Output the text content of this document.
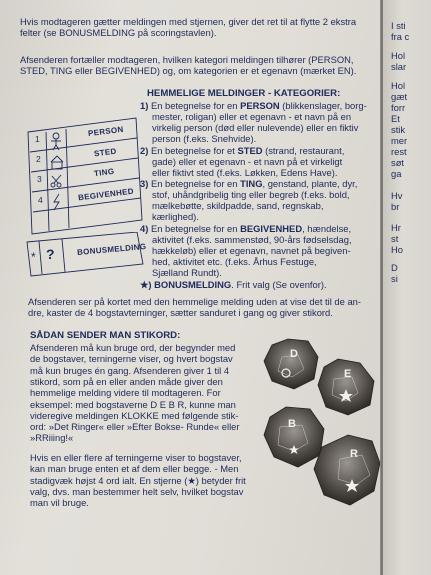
Hvis modtageren gætter meldingen med stjernen, giver det ret til at flytte 2 ekstra
felter (se BONUSMELDING på scoringstavlen).
Afsenderen fortæller modtageren, hvilken kategori meldingen tilhører (PERSON,
STED, TING eller BEGIVENHED) og, om kategorien er et egenavn (mærket EN).
HEMMELIGE MELDINGER - KATEGORIER:
1
2
3
4
PERSON
STED
TING
BEGIVENHED
* ?	BONUSMELDING
1) En betegnelse for en PERSON (blikkenslager, borg-
mester, roligan) eller et egenavn - et navn på en
virkelig person (død eller nulevende) eller en fiktiv
person (f.eks. Snehvide).
2) En betegnelse for et STED (strand, restaurant,
gade) eller et egenavn - et navn på et virkeligt
eller fiktivt sted (f.eks. Løkken, Edens Have).
3) En betegnelse for en TING, genstand, plante, dyr,
stof, uhåndgribelig ting eller begreb (f.eks. bold,
mælkebøtte, skildpadde, sand, regnskab,
kærlighed).
4) En betegnelse for en BEGIVENHED, hændelse,
aktivitet (f.eks. sammenstød, 90-års fødselsdag,
hækkeløb) eller et egenavn, navnet på begiven-
hed, aktivitet etc. (f.eks. Århus Festuge,
Sjælland Rundt).
★) BONUSMELDING. Frit valg (Se ovenfor).
Afsenderen ser på kortet med den hemmelige melding uden at vise det til de an-
dre, kaster de 4 bogstavterninger, sætter sanduret i gang og giver stikord.
SÅDAN SENDER MAN STIKORD:
Afsenderen må kun bruge ord, der begynder med
de bogstaver, terningerne viser, og hvert bogstav
må kun bruges én gang. Afsenderen giver 1 til 4
stikord, som på en eller anden måde giver den
hemmelige melding videre til modtageren. For
eksempel: med bogstaverne D E B R, kunne man
videregive meldingen KLOKKE med følgende stik-
ord: »Det Ringer« eller »Efter Bokse- Runde« eller
»RRiiing!«
Hvis en eller flere af terningerne viser to bogstaver,
kan man bruge enten et af dem eller begge. - Men
stadigvæk højst 4 ord ialt. En stjerne (★) betyder frit
valg, dvs. man bestemmer helt selv, hvilket bogstav
man vil bruge.
D
E
B
R
I sti
fra c
Hol
slar
Hol
gæt
forr
Et
stik
mer
rest
søt
ga
Hv
br
Hr
st
Ho
D
si
